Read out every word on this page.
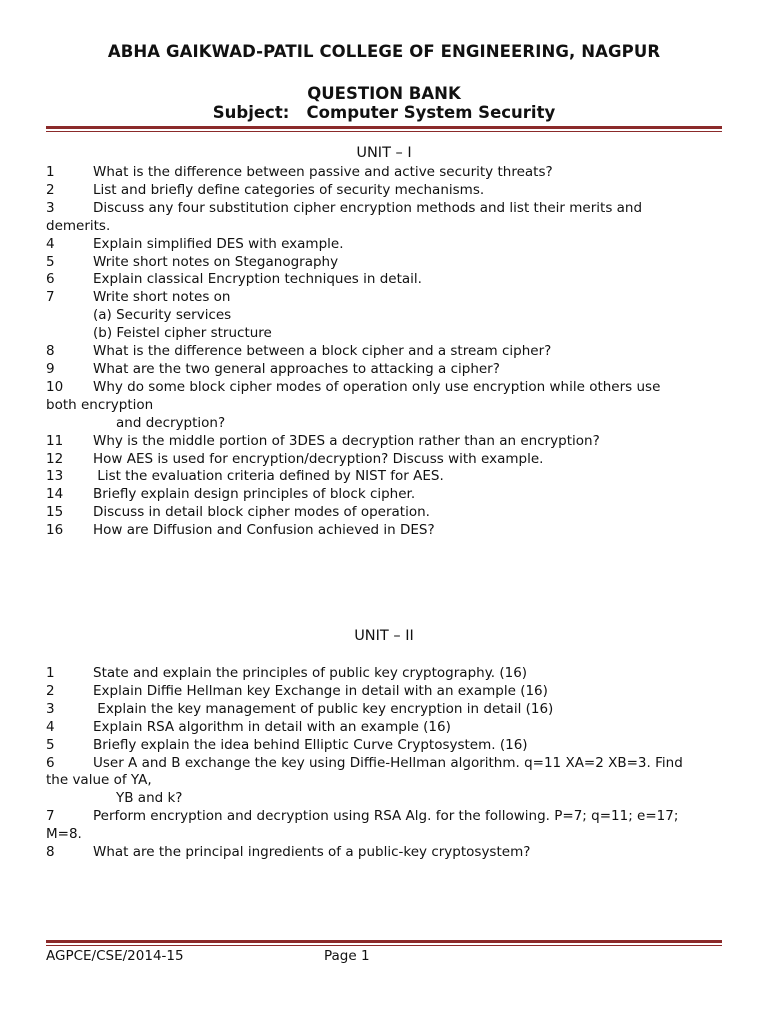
ABHA GAIKWAD-PATIL COLLEGE OF ENGINEERING, NAGPUR
QUESTION BANK
Subject:   Computer System Security
UNIT – I
1	What is the difference between passive and active security threats?
2	List and briefly define categories of security mechanisms.
3	Discuss any four substitution cipher encryption methods and list their merits and
demerits.
4	Explain simplified DES with example.
5	Write short notes on Steganography
6	Explain classical Encryption techniques in detail.
7	Write short notes on
(a) Security services
(b) Feistel cipher structure
8	What is the difference between a block cipher and a stream cipher?
9	What are the two general approaches to attacking a cipher?
10 Why do some block cipher modes of operation only use encryption while others use
both encryption
and decryption?
11 Why is the middle portion of 3DES a decryption rather than an encryption?
12 How AES is used for encryption/decryption? Discuss with example.
13 List the evaluation criteria defined by NIST for AES.
14 Briefly explain design principles of block cipher.
15 Discuss in detail block cipher modes of operation.
16 How are Diffusion and Confusion achieved in DES?
UNIT – II
1	State and explain the principles of public key cryptography. (16)
2	Explain Diffie Hellman key Exchange in detail with an example (16)
3	Explain the key management of public key encryption in detail (16)
4	Explain RSA algorithm in detail with an example (16)
5	Briefly explain the idea behind Elliptic Curve Cryptosystem. (16)
6	User A and B exchange the key using Diffie-Hellman algorithm. q=11 XA=2 XB=3. Find
the value of YA,
YB and k?
7	Perform encryption and decryption using RSA Alg. for the following. P=7; q=11; e=17;
M=8.
8	What are the principal ingredients of a public-key cryptosystem?
AGPCE/CSE/2014-15	Page 1
